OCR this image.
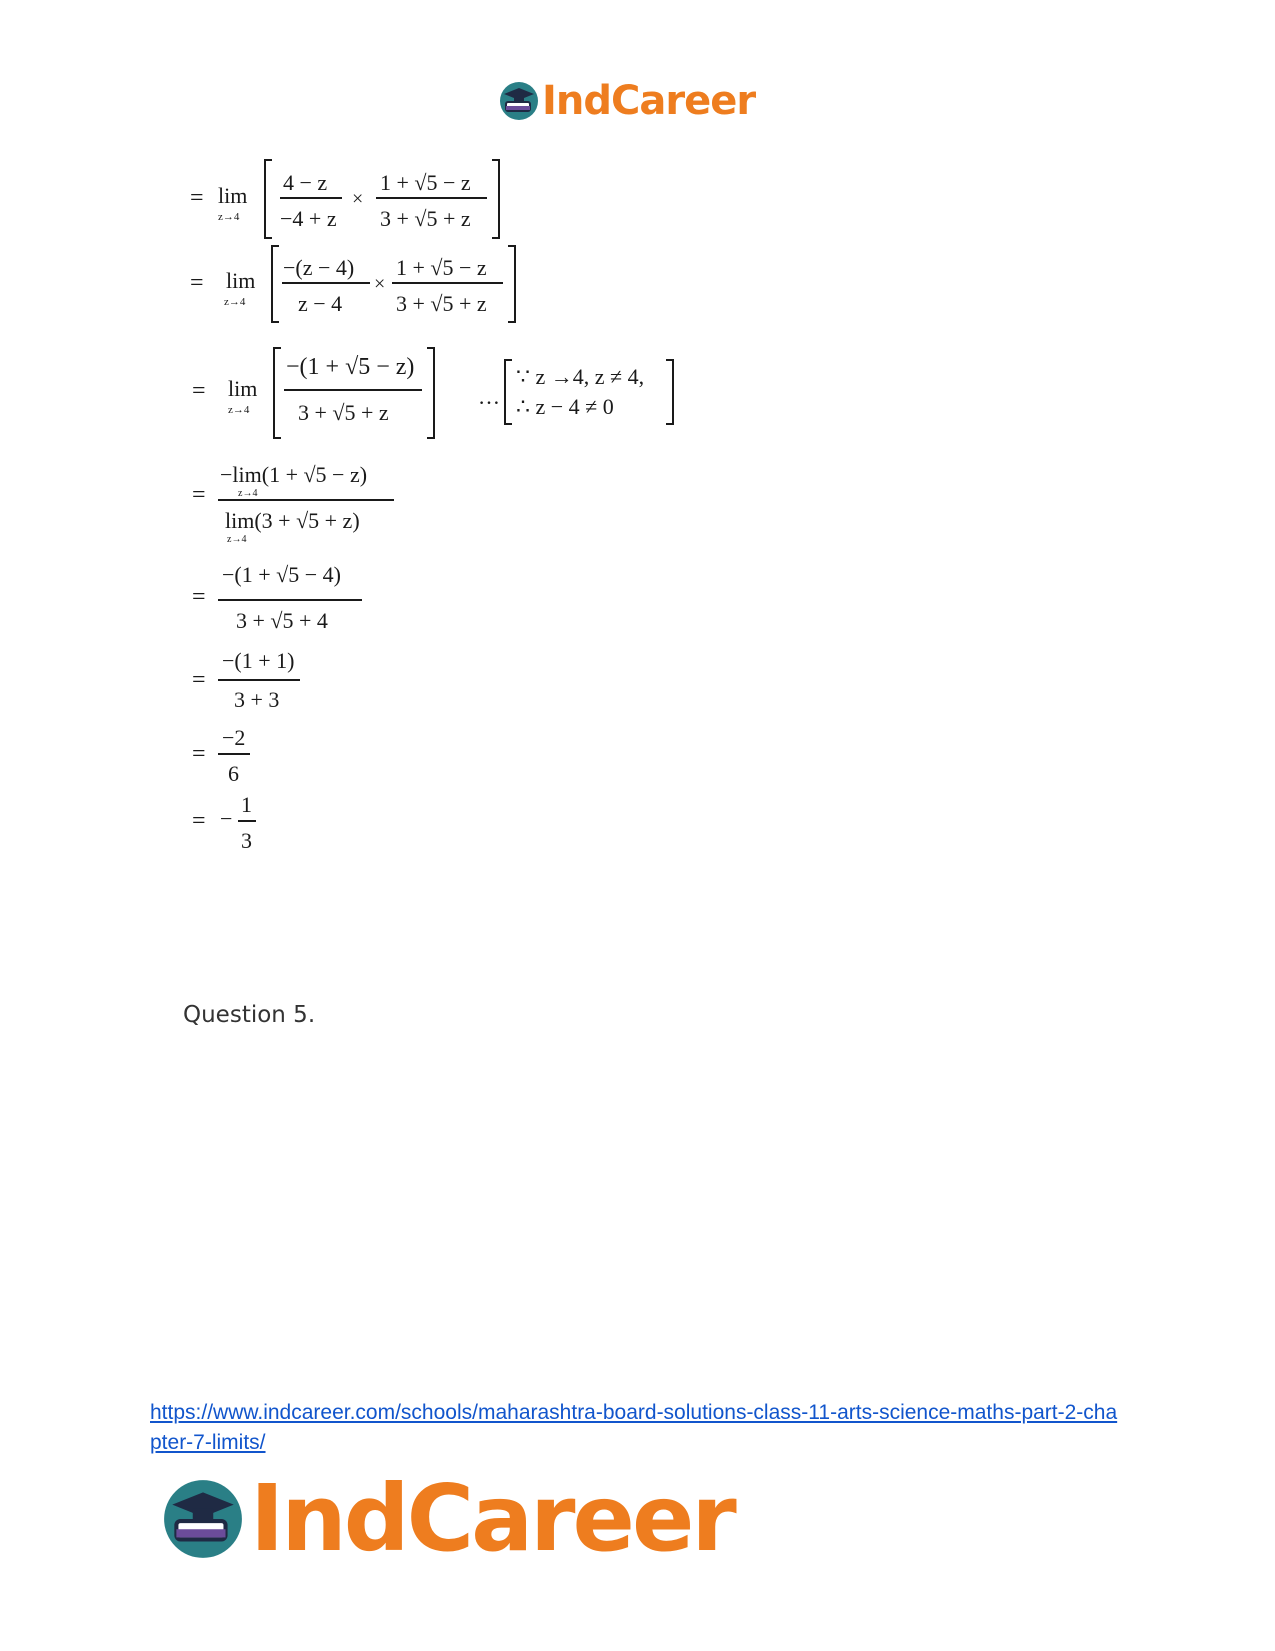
IndCareer
= lim
z→4
4 − z
−4 + z
×
1 + √5 − z
3 + √5 + z
= lim
z→4
−(z − 4)
z − 4
×
1 + √5 − z
3 + √5 + z
= lim
z→4
−(1 + √5 − z)
3 + √5 + z
…
∵ z →4, z ≠ 4,
∴ z − 4 ≠ 0
=
−lim(1 + √5 − z)
z→4
lim(3 + √5 + z)
z→4
=
−(1 + √5 − 4)
3 + √5 + 4
=
−(1 + 1)
3 + 3
=
−2
6
= −
1
3
Question 5.
https://www.indcareer.com/schools/maharashtra-board-solutions-class-11-arts-science-maths-part-2-chapter-7-limits/
IndCareer
